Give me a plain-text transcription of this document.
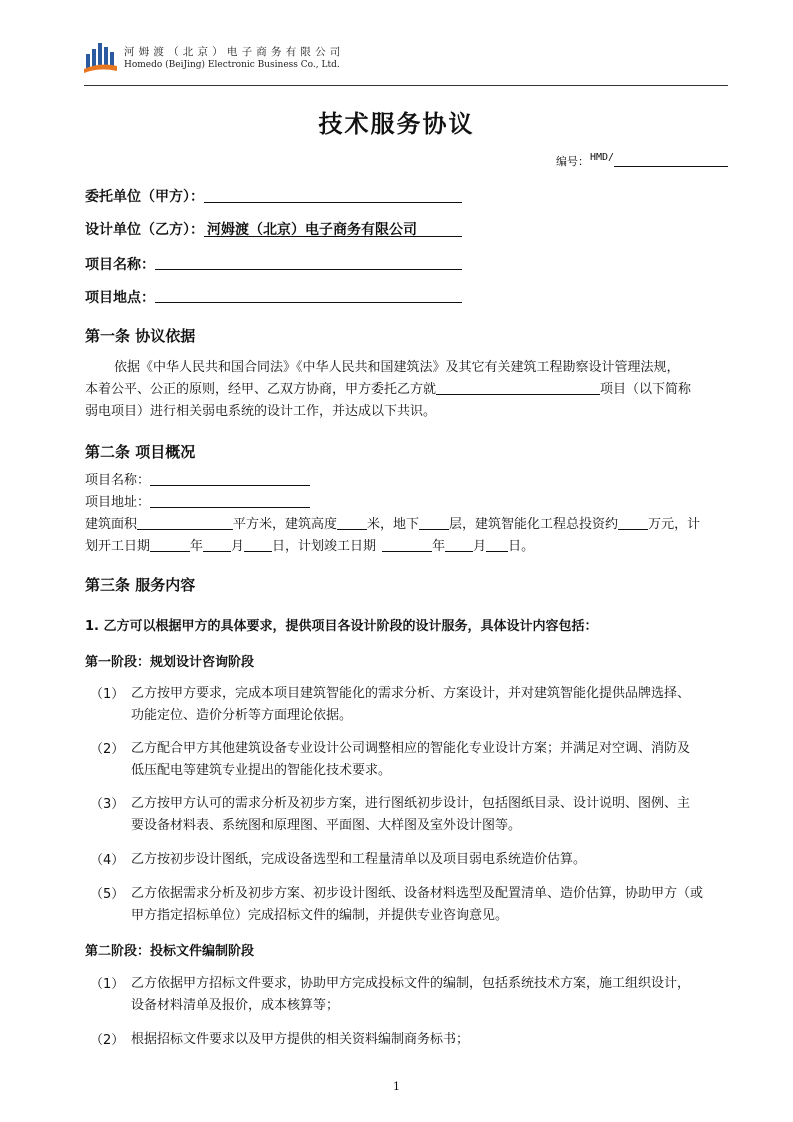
河姆渡（北京）电子商务有限公司
Homedo (BeiJing) Electronic Business Co., Ltd.
技术服务协议
编号： HMD/
委托单位（甲方）：
设计单位（乙方）： 河姆渡（北京）电子商务有限公司
项目名称：
项目地点：
第一条 协议依据
依据《中华人民共和国合同法》《中华人民共和国建筑法》及其它有关建筑工程勘察设计管理法规，
本着公平、公正的原则，经甲、乙双方协商，甲方委托乙方就	项目（以下简称
弱电项目）进行相关弱电系统的设计工作，并达成以下共识。
第二条 项目概况
项目名称：
项目地址：
建筑面积	平方米，建筑高度 米，地下 层，建筑智能化工程总投资约 万元，计
划开工日期	年 月 日，计划竣工日期	年 月 日。
第三条 服务内容
1. 乙方可以根据甲方的具体要求，提供项目各设计阶段的设计服务，具体设计内容包括：
第一阶段：规划设计咨询阶段
（1） 乙方按甲方要求，完成本项目建筑智能化的需求分析、方案设计，并对建筑智能化提供品牌选择、
功能定位、造价分析等方面理论依据。
（2） 乙方配合甲方其他建筑设备专业设计公司调整相应的智能化专业设计方案；并满足对空调、消防及
低压配电等建筑专业提出的智能化技术要求。
（3） 乙方按甲方认可的需求分析及初步方案，进行图纸初步设计，包括图纸目录、设计说明、图例、主
要设备材料表、系统图和原理图、平面图、大样图及室外设计图等。
（4） 乙方按初步设计图纸，完成设备选型和工程量清单以及项目弱电系统造价估算。
（5） 乙方依据需求分析及初步方案、初步设计图纸、设备材料选型及配置清单、造价估算，协助甲方（或
甲方指定招标单位）完成招标文件的编制，并提供专业咨询意见。
第二阶段：投标文件编制阶段
（1） 乙方依据甲方招标文件要求，协助甲方完成投标文件的编制，包括系统技术方案，施工组织设计，
设备材料清单及报价，成本核算等；
（2） 根据招标文件要求以及甲方提供的相关资料编制商务标书；
1
